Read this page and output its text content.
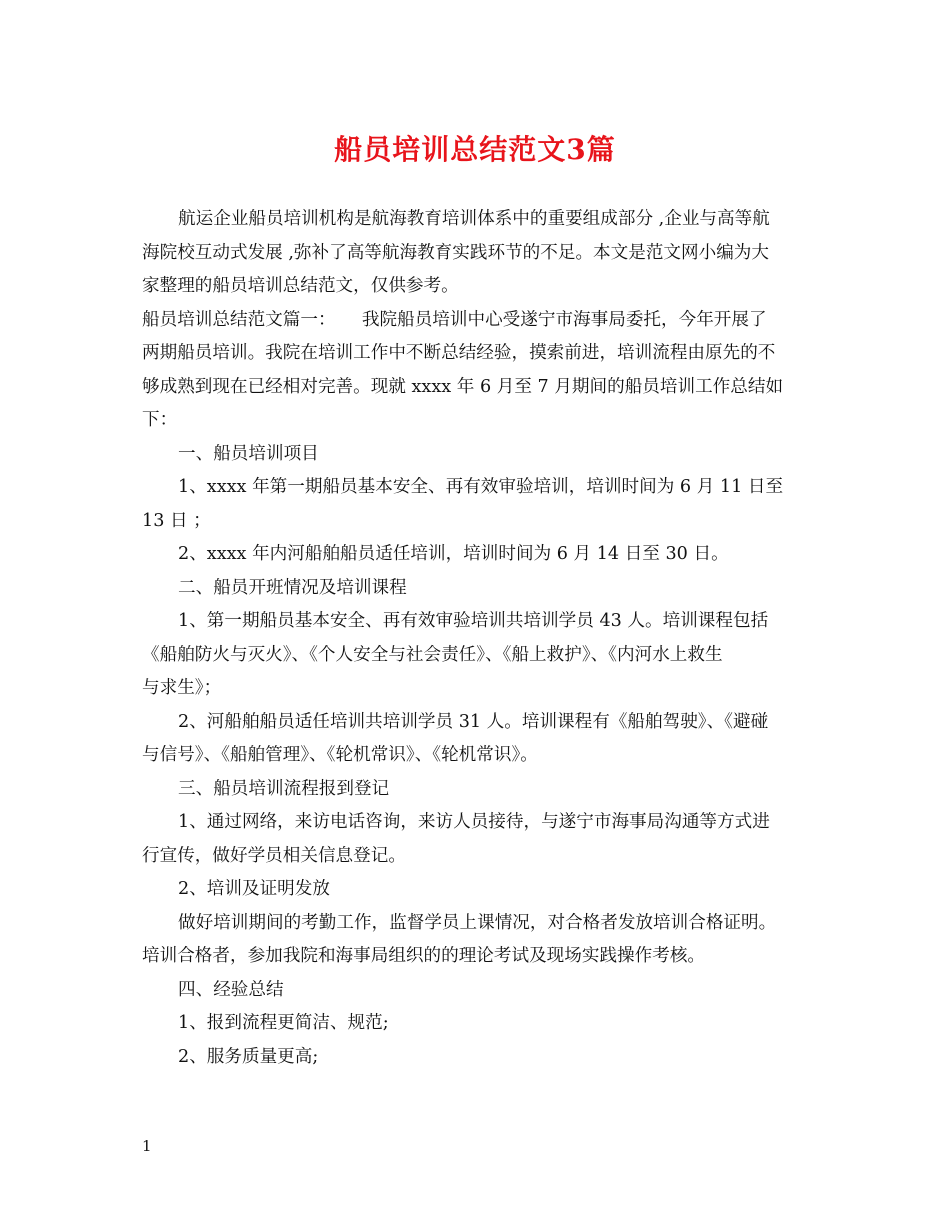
船员培训总结范文3篇

航运企业船员培训机构是航海教育培训体系中的重要组成部分 ,企业与高等航

海院校互动式发展 ,弥补了高等航海教育实践环节的不足。本文是范文网小编为大

家整理的船员培训总结范文，仅供参考。

船员培训总结范文篇一：　　我院船员培训中心受遂宁市海事局委托，今年开展了

两期船员培训。我院在培训工作中不断总结经验，摸索前进，培训流程由原先的不

够成熟到现在已经相对完善。现就 xxxx 年 6 月至 7 月期间的船员培训工作总结如

下：

一、船员培训项目

1、xxxx 年第一期船员基本安全、再有效审验培训，培训时间为 6 月 11 日至

13 日 ；

2、xxxx 年内河船舶船员适任培训，培训时间为 6 月 14 日至 30 日。

二、船员开班情况及培训课程

1、第一期船员基本安全、再有效审验培训共培训学员 43 人。培训课程包括

《船舶防火与灭火》、《个人安全与社会责任》、《船上救护》、《内河水上救生

与求生》；

2、河船舶船员适任培训共培训学员 31 人。培训课程有《船舶驾驶》、《避碰

与信号》、《船舶管理》、《轮机常识》、《轮机常识》。

三、船员培训流程报到登记

1、通过网络，来访电话咨询，来访人员接待，与遂宁市海事局沟通等方式进

行宣传，做好学员相关信息登记。

2、培训及证明发放

做好培训期间的考勤工作，监督学员上课情况，对合格者发放培训合格证明。

培训合格者，参加我院和海事局组织的的理论考试及现场实践操作考核。

四、经验总结

1、报到流程更简洁、规范;

2、服务质量更高;

1
